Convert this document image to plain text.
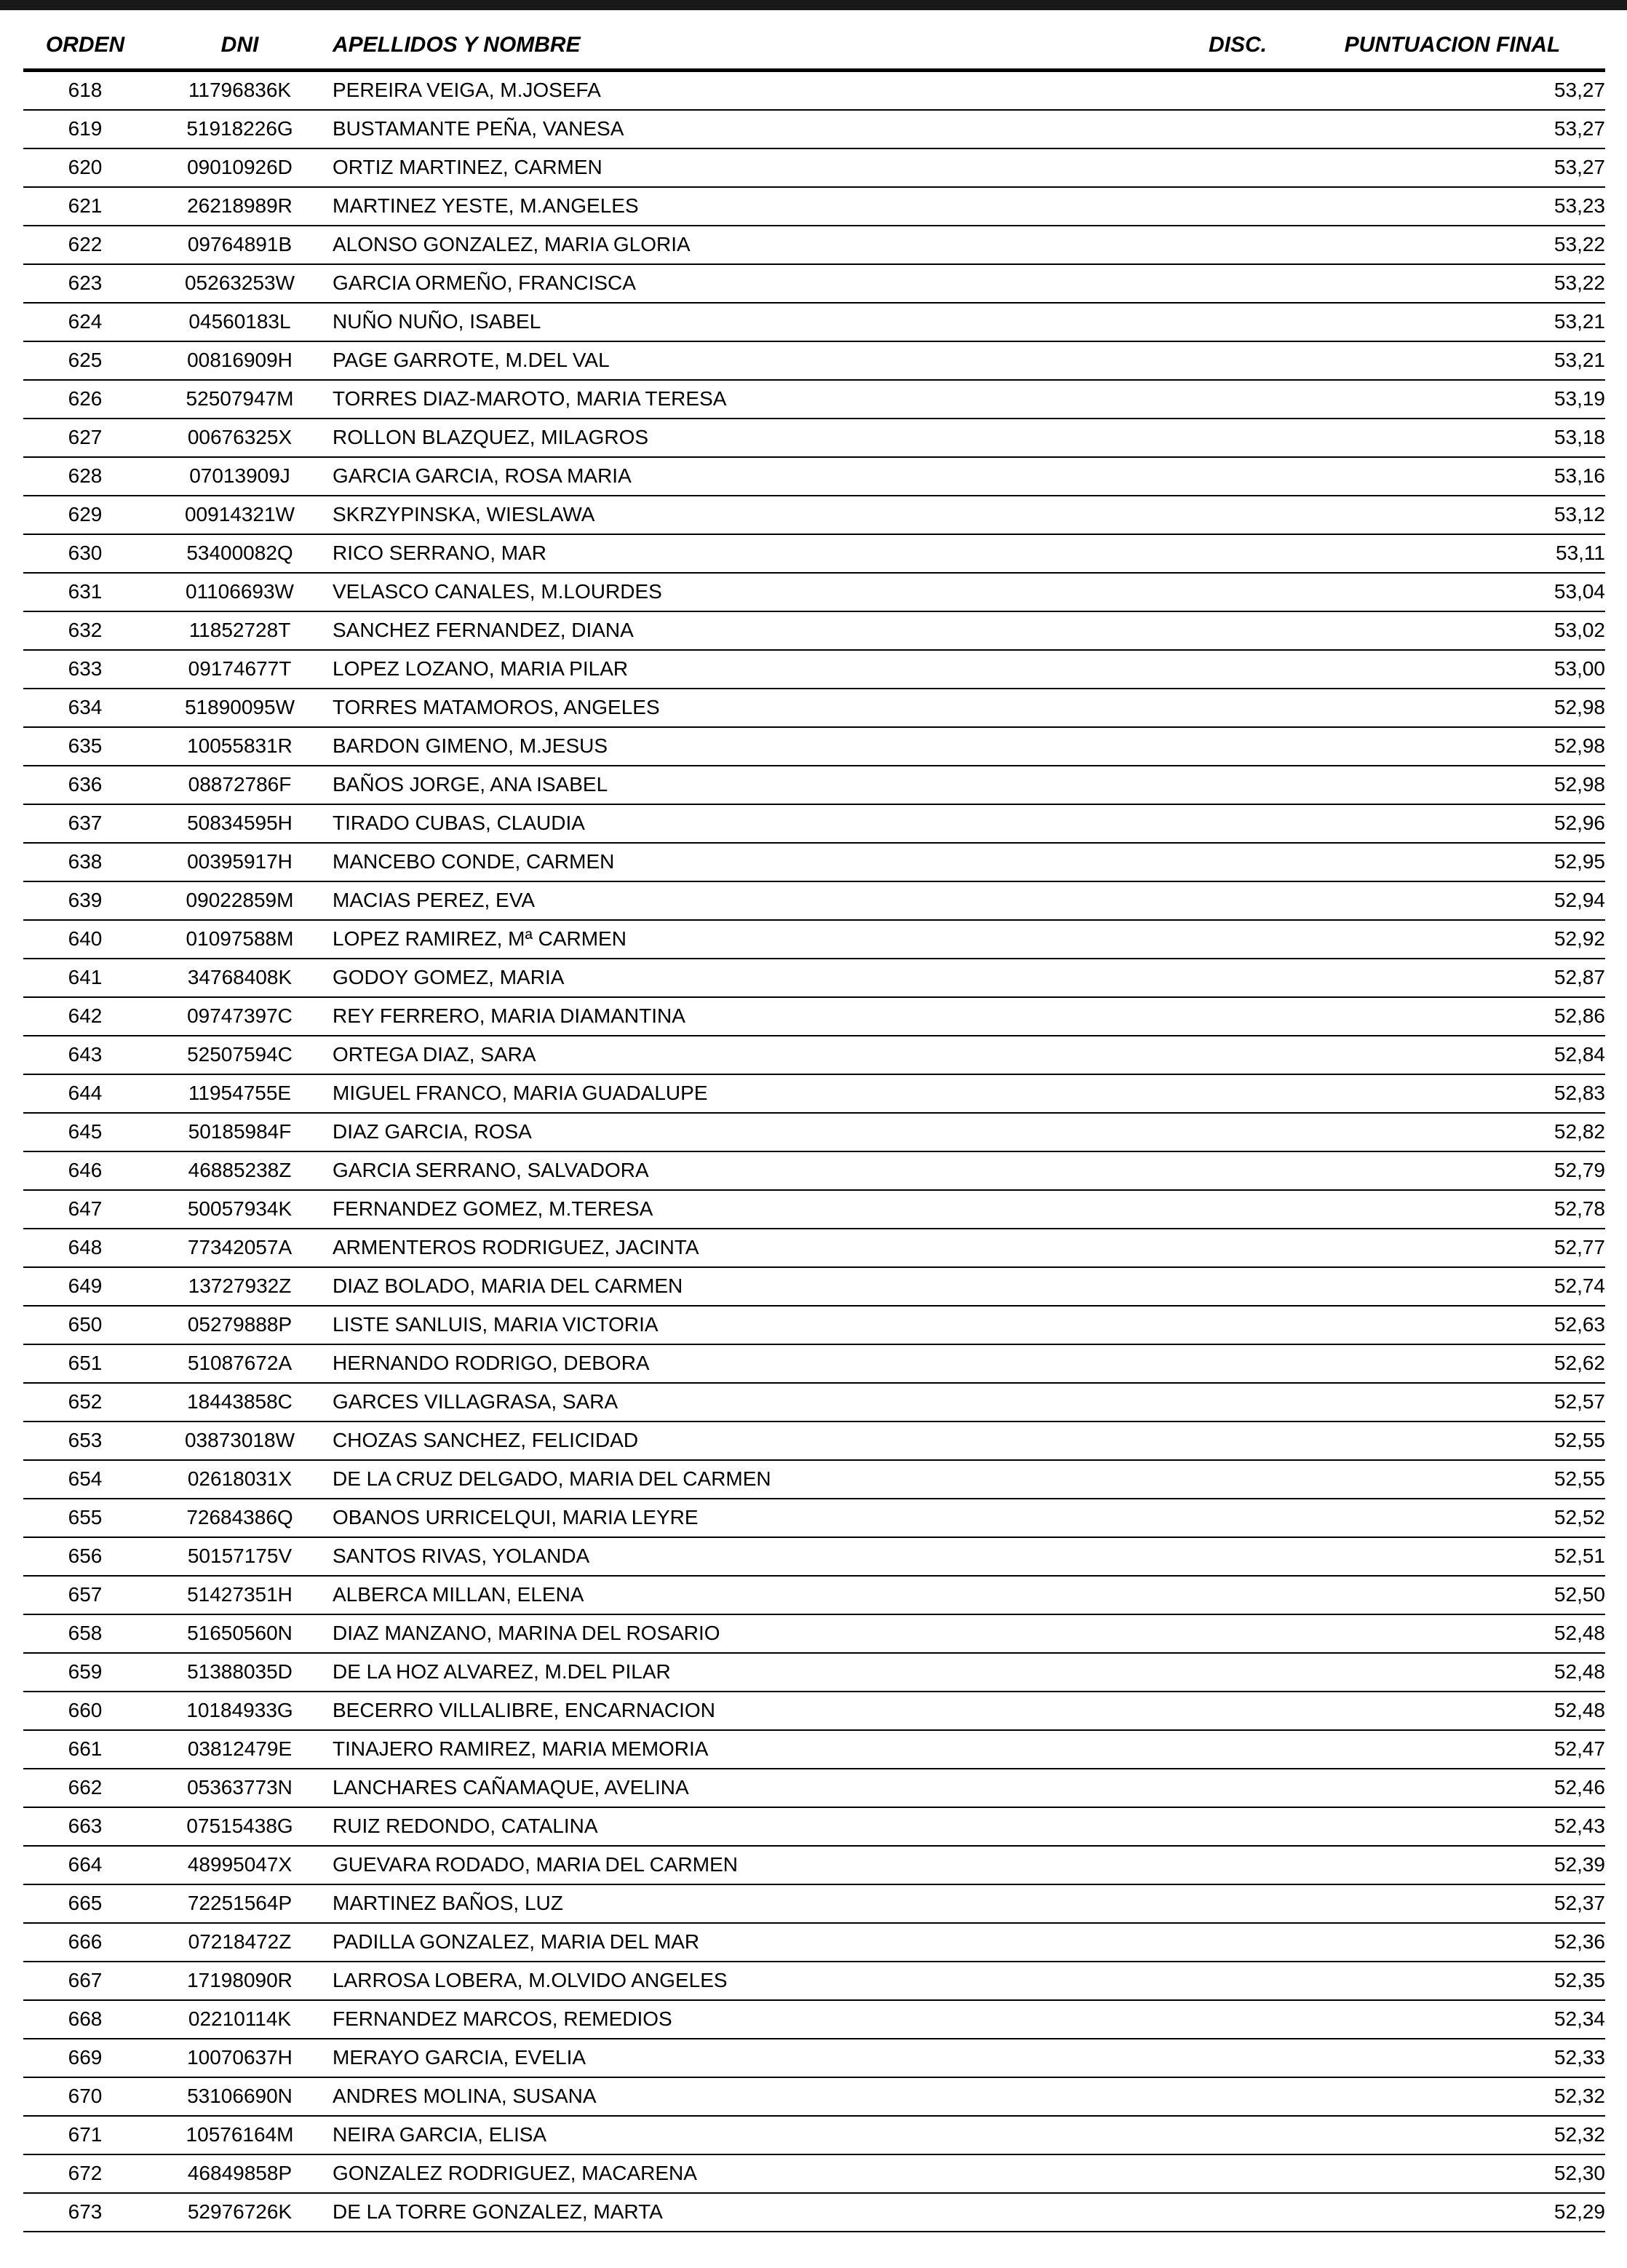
ORDEN	DNI	APELLIDOS Y NOMBRE	DISC.	PUNTUACION FINAL
618	11796836K	PEREIRA VEIGA, M.JOSEFA		53,27
619	51918226G	BUSTAMANTE PEÑA, VANESA		53,27
620	09010926D	ORTIZ MARTINEZ, CARMEN		53,27
621	26218989R	MARTINEZ YESTE, M.ANGELES		53,23
622	09764891B	ALONSO GONZALEZ, MARIA GLORIA		53,22
623	05263253W	GARCIA ORMEÑO, FRANCISCA		53,22
624	04560183L	NUÑO NUÑO, ISABEL		53,21
625	00816909H	PAGE GARROTE, M.DEL VAL		53,21
626	52507947M	TORRES DIAZ-MAROTO, MARIA TERESA		53,19
627	00676325X	ROLLON BLAZQUEZ, MILAGROS		53,18
628	07013909J	GARCIA GARCIA, ROSA MARIA		53,16
629	00914321W	SKRZYPINSKA, WIESLAWA		53,12
630	53400082Q	RICO SERRANO, MAR		53,11
631	01106693W	VELASCO CANALES, M.LOURDES		53,04
632	11852728T	SANCHEZ FERNANDEZ, DIANA		53,02
633	09174677T	LOPEZ LOZANO, MARIA PILAR		53,00
634	51890095W	TORRES MATAMOROS, ANGELES		52,98
635	10055831R	BARDON GIMENO, M.JESUS		52,98
636	08872786F	BAÑOS JORGE, ANA ISABEL		52,98
637	50834595H	TIRADO CUBAS, CLAUDIA		52,96
638	00395917H	MANCEBO CONDE, CARMEN		52,95
639	09022859M	MACIAS PEREZ, EVA		52,94
640	01097588M	LOPEZ RAMIREZ, Mª CARMEN		52,92
641	34768408K	GODOY GOMEZ, MARIA		52,87
642	09747397C	REY FERRERO, MARIA DIAMANTINA		52,86
643	52507594C	ORTEGA DIAZ, SARA		52,84
644	11954755E	MIGUEL FRANCO, MARIA GUADALUPE		52,83
645	50185984F	DIAZ GARCIA, ROSA		52,82
646	46885238Z	GARCIA SERRANO, SALVADORA		52,79
647	50057934K	FERNANDEZ GOMEZ, M.TERESA		52,78
648	77342057A	ARMENTEROS RODRIGUEZ, JACINTA		52,77
649	13727932Z	DIAZ BOLADO, MARIA DEL CARMEN		52,74
650	05279888P	LISTE SANLUIS, MARIA VICTORIA		52,63
651	51087672A	HERNANDO RODRIGO, DEBORA		52,62
652	18443858C	GARCES VILLAGRASA, SARA		52,57
653	03873018W	CHOZAS SANCHEZ, FELICIDAD		52,55
654	02618031X	DE LA CRUZ DELGADO, MARIA DEL CARMEN		52,55
655	72684386Q	OBANOS URRICELQUI, MARIA LEYRE		52,52
656	50157175V	SANTOS RIVAS, YOLANDA		52,51
657	51427351H	ALBERCA MILLAN, ELENA		52,50
658	51650560N	DIAZ MANZANO, MARINA DEL ROSARIO		52,48
659	51388035D	DE LA HOZ ALVAREZ, M.DEL PILAR		52,48
660	10184933G	BECERRO VILLALIBRE, ENCARNACION		52,48
661	03812479E	TINAJERO RAMIREZ, MARIA MEMORIA		52,47
662	05363773N	LANCHARES CAÑAMAQUE, AVELINA		52,46
663	07515438G	RUIZ REDONDO, CATALINA		52,43
664	48995047X	GUEVARA RODADO, MARIA DEL CARMEN		52,39
665	72251564P	MARTINEZ BAÑOS, LUZ		52,37
666	07218472Z	PADILLA GONZALEZ, MARIA DEL MAR		52,36
667	17198090R	LARROSA LOBERA, M.OLVIDO ANGELES		52,35
668	02210114K	FERNANDEZ MARCOS, REMEDIOS		52,34
669	10070637H	MERAYO GARCIA, EVELIA		52,33
670	53106690N	ANDRES MOLINA, SUSANA		52,32
671	10576164M	NEIRA GARCIA, ELISA		52,32
672	46849858P	GONZALEZ RODRIGUEZ, MACARENA		52,30
673	52976726K	DE LA TORRE GONZALEZ, MARTA		52,29
